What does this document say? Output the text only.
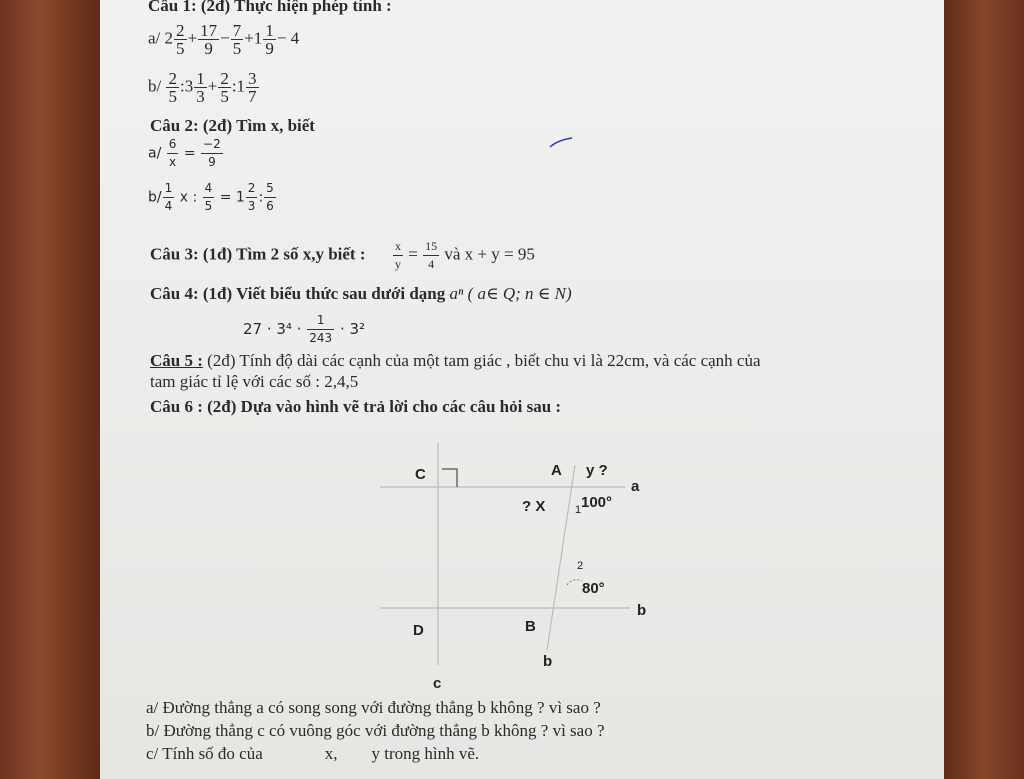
Câu 1: (2đ) Thực hiện phép tính :
a/ $2 \frac{2}{5} + \frac{17}{9} - \frac{7}{5} +1 \frac{1}{9} - 4$
$b/ \frac{2}{5}$ :3 $\frac{1}{3} + \frac{2}{5}$ :1 $\frac{3}{7}$
Câu 2: (2đ) Tìm x, biết
$a/ \frac{6}{x} = \frac{-2}{9}$
$b/ \frac{1}{4}$ x : $\frac{4}{5} = 1 \frac{2}{3}$ : $\frac{5}{6}$
Câu 3: (1đ) Tìm 2 số x,y biết : $\frac{x}{y} = \frac{15}{4}$ và x + y = 95
Câu 4: (1đ) Viết biểu thức sau dưới dạng aⁿ ( a∈ Q; n ∈ N)
$27 \cdot 3^4 \cdot \frac{1}{243} \cdot 3^2$
Câu 5 : (2đ) Tính độ dài các cạnh của một tam giác , biết chu vi là 22cm, và các cạnh của
tam giác tỉ lệ với các số : 2,4,5
Câu 6 : (2đ) Dựa vào hình vẽ trả lời cho các câu hỏi sau :
C	A y ?
a
? X	1 100°
2
80°
b
D	B
b
c
a/ Đường thẳng a có song song với đường thẳng b không ? vì sao ?
b/ Đường thẳng c có vuông góc với đường thẳng b không ? vì sao ?
c/ Tính số đo của	x, y trong hình vẽ.
